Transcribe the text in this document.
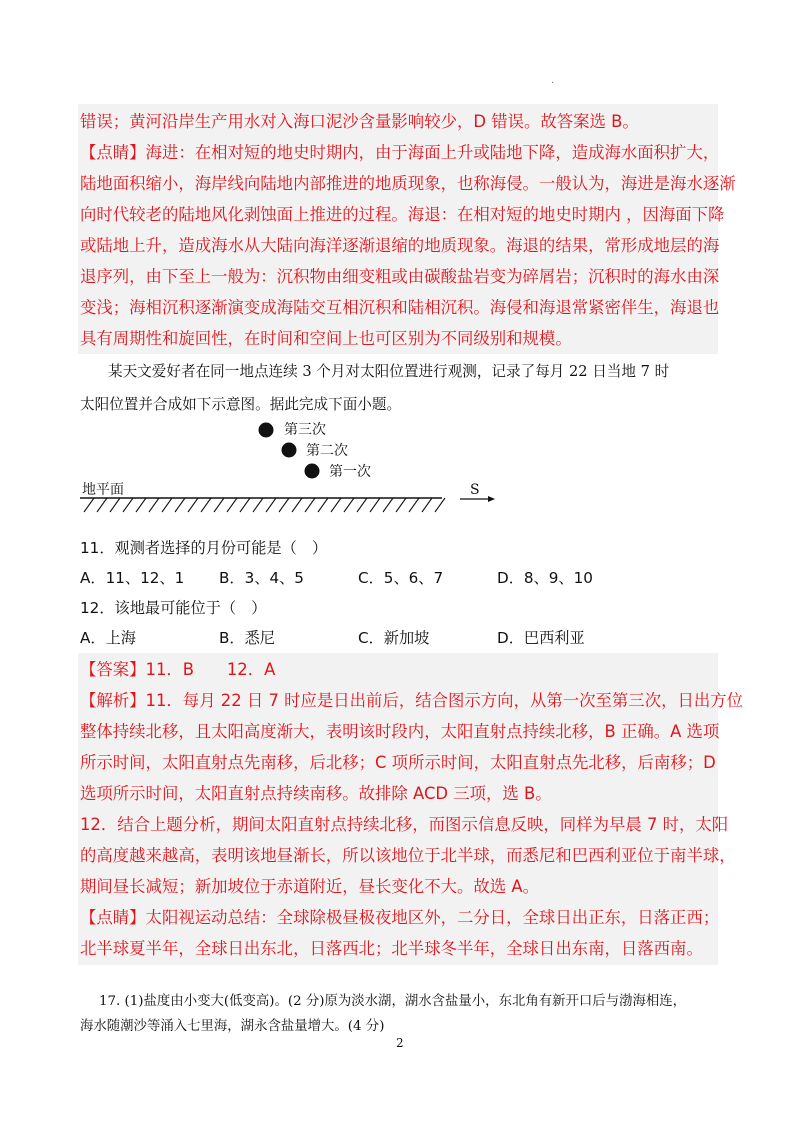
·
错误；黄河沿岸生产用水对入海口泥沙含量影响较少，D 错误。故答案选 B。
【点睛】海进：在相对短的地史时期内，由于海面上升或陆地下降，造成海水面积扩大，
陆地面积缩小，海岸线向陆地内部推进的地质现象，也称海侵。一般认为，海进是海水逐渐
向时代较老的陆地风化剥蚀面上推进的过程。海退：在相对短的地史时期内 ，因海面下降
或陆地上升，造成海水从大陆向海洋逐渐退缩的地质现象。海退的结果，常形成地层的海
退序列，由下至上一般为：沉积物由细变粗或由碳酸盐岩变为碎屑岩；沉积时的海水由深
变浅；海相沉积逐渐演变成海陆交互相沉积和陆相沉积。海侵和海退常紧密伴生，海退也
具有周期性和旋回性，在时间和空间上也可区别为不同级别和规模。
某天文爱好者在同一地点连续 3 个月对太阳位置进行观测，记录了每月 22 日当地 7 时
太阳位置并合成如下示意图。据此完成下面小题。
第三次
第二次
第一次
地平面	S
11．观测者选择的月份可能是（　）
A．11、12、1 B．3、4、5	C．5、6、7	D．8、9、10
12．该地最可能位于（　）
A．上海	B．悉尼	C．新加坡	D．巴西利亚
【答案】11．B　　12．A
【解析】11．每月 22 日 7 时应是日出前后，结合图示方向，从第一次至第三次，日出方位
整体持续北移，且太阳高度渐大，表明该时段内，太阳直射点持续北移，B 正确。A 选项
所示时间，太阳直射点先南移，后北移；C 项所示时间，太阳直射点先北移，后南移；D
选项所示时间，太阳直射点持续南移。故排除 ACD 三项，选 B。
12．结合上题分析，期间太阳直射点持续北移，而图示信息反映，同样为早晨 7 时，太阳
的高度越来越高，表明该地昼渐长，所以该地位于北半球，而悉尼和巴西利亚位于南半球，
期间昼长减短；新加坡位于赤道附近，昼长变化不大。故选 A。
【点睛】太阳视运动总结：全球除极昼极夜地区外，二分日，全球日出正东，日落正西；
北半球夏半年，全球日出东北，日落西北；北半球冬半年，全球日出东南，日落西南。
17. (1)盐度由小变大(低变高)。(2 分)原为淡水湖，湖水含盐量小，东北角有新开口后与渤海相连，
海水随潮沙等涌入七里海，湖永含盐量增大。(4 分)
2
